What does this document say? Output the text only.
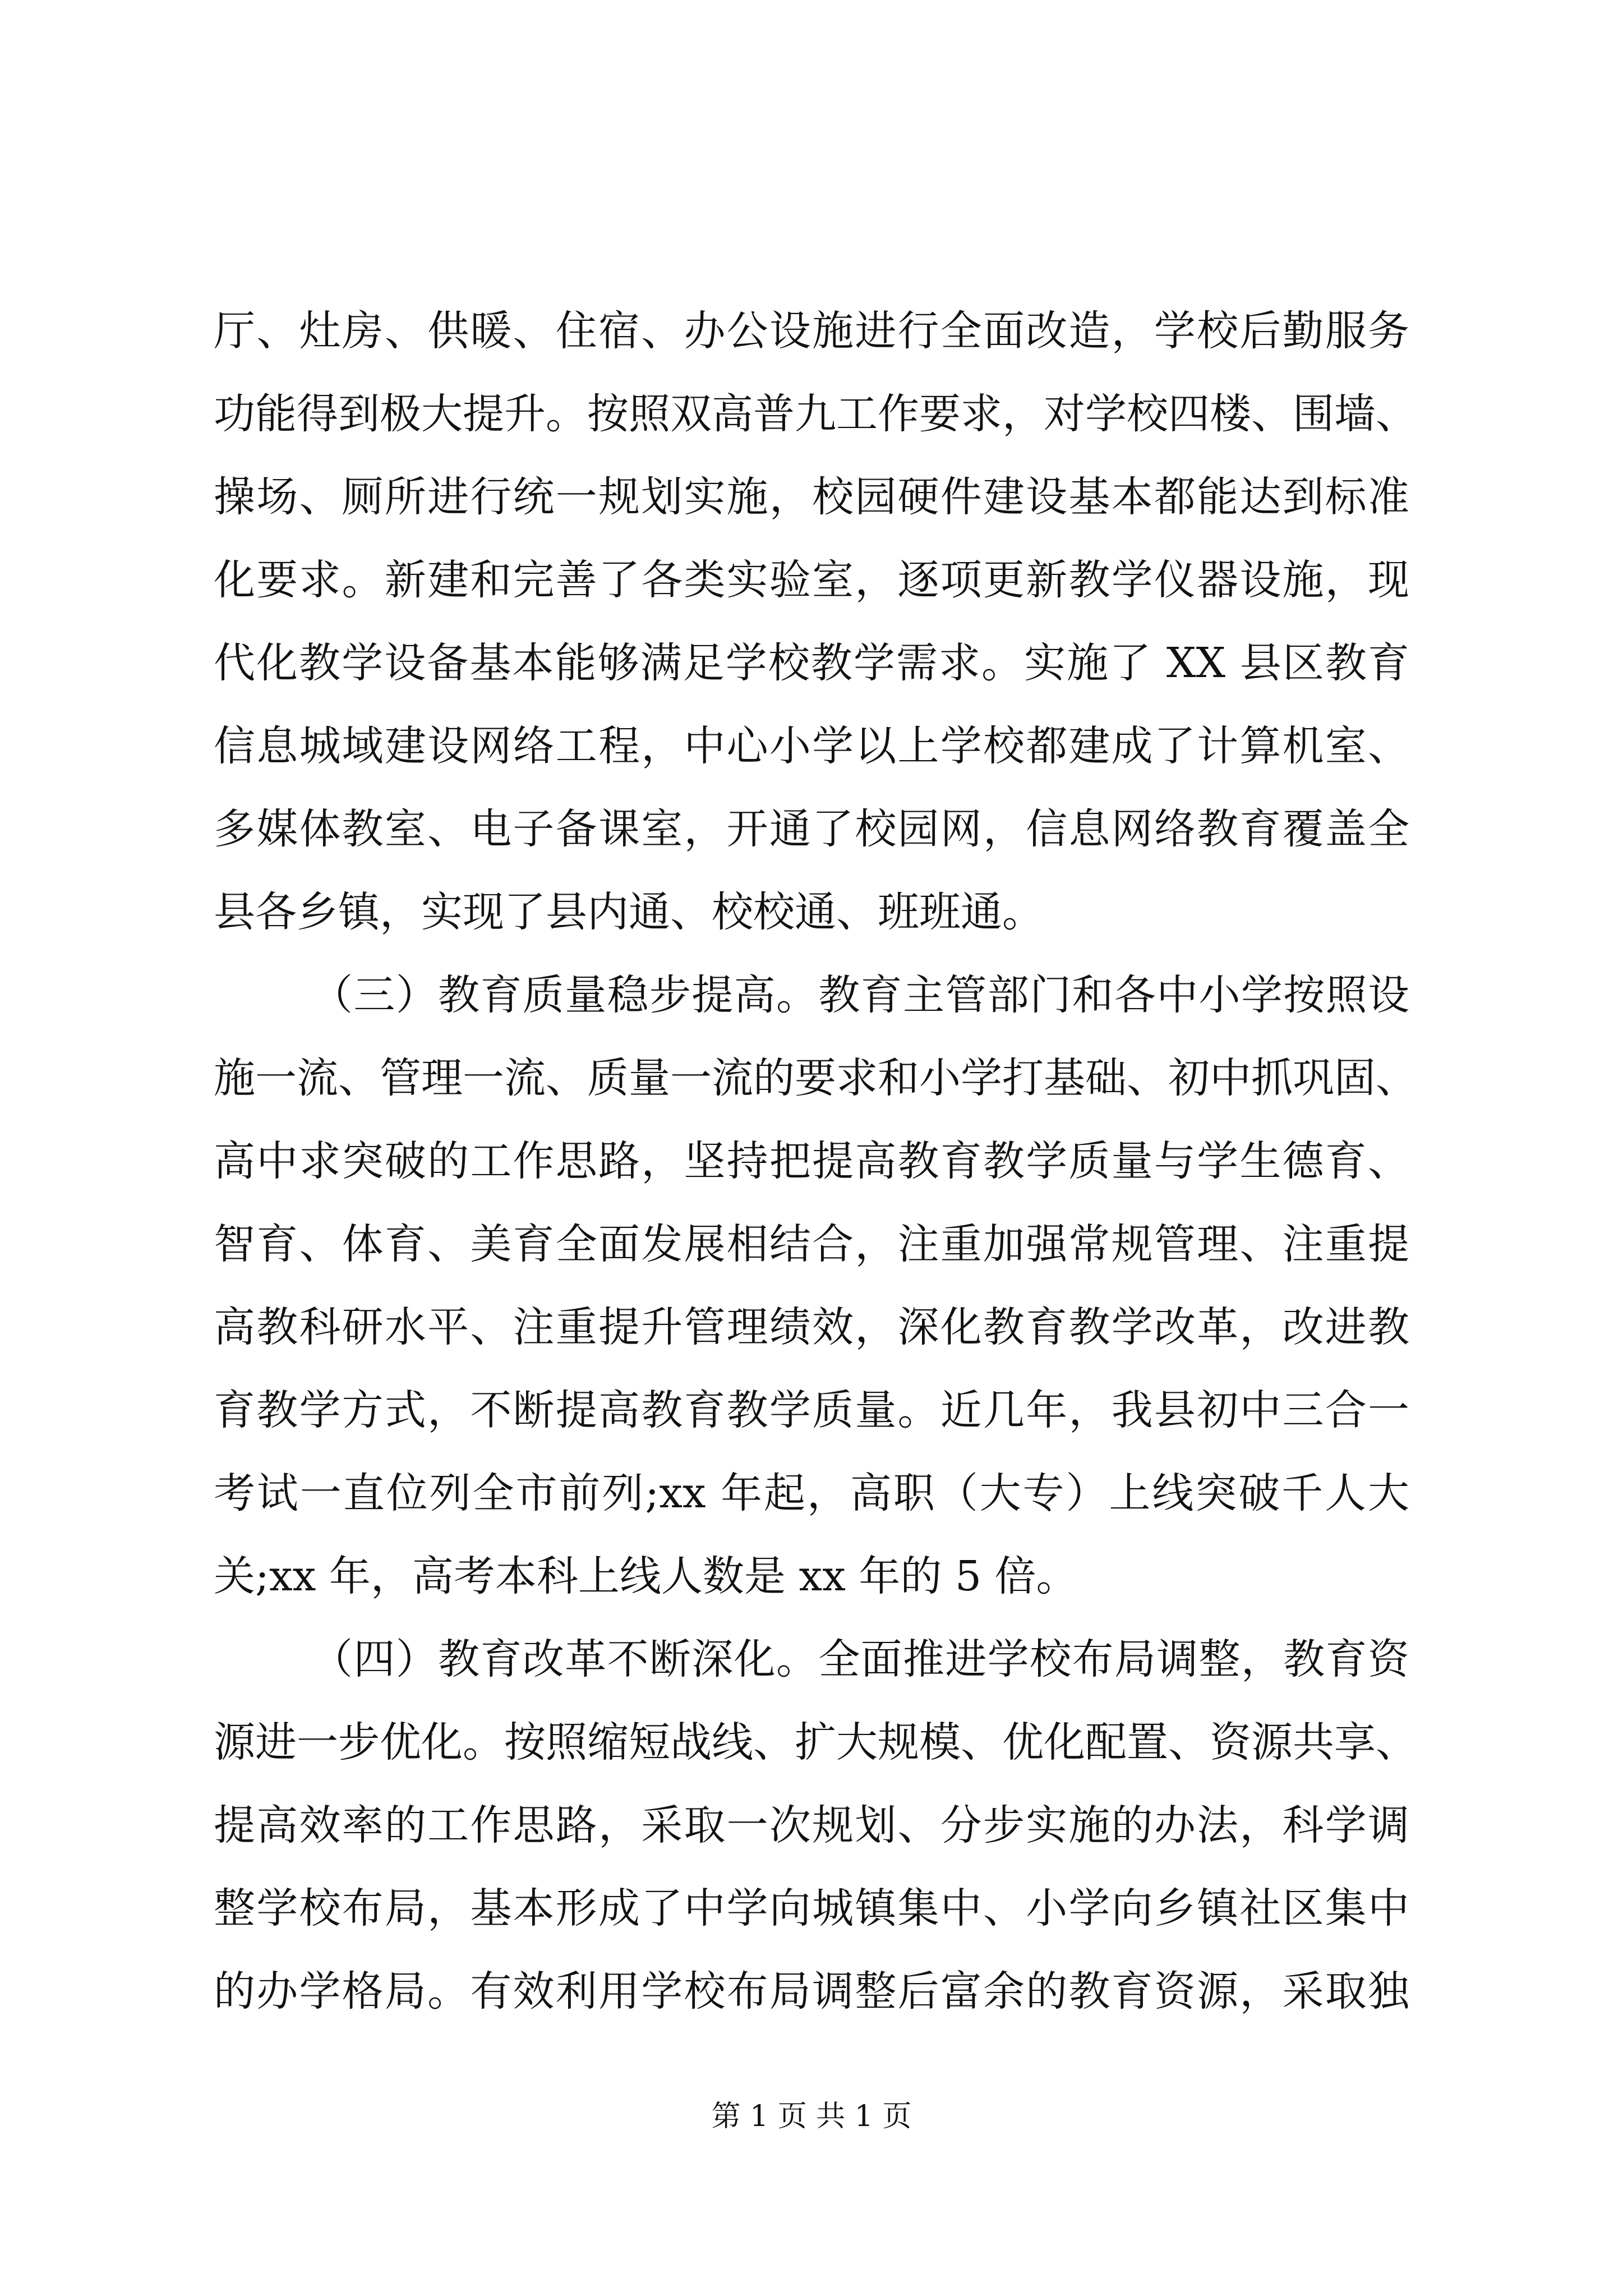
厅、灶房、供暖、住宿、办公设施进行全面改造，学校后勤服务
功能得到极大提升。按照双高普九工作要求，对学校四楼、围墙、
操场、厕所进行统一规划实施，校园硬件建设基本都能达到标准
化要求。新建和完善了各类实验室，逐项更新教学仪器设施，现
代化教学设备基本能够满足学校教学需求。实施了 XX 县区教育
信息城域建设网络工程，中心小学以上学校都建成了计算机室、
多媒体教室、电子备课室，开通了校园网，信息网络教育覆盖全
县各乡镇，实现了县内通、校校通、班班通。
（三）教育质量稳步提高。教育主管部门和各中小学按照设
施一流、管理一流、质量一流的要求和小学打基础、初中抓巩固、
高中求突破的工作思路，坚持把提高教育教学质量与学生德育、
智育、体育、美育全面发展相结合，注重加强常规管理、注重提
高教科研水平、注重提升管理绩效，深化教育教学改革，改进教
育教学方式，不断提高教育教学质量。近几年，我县初中三合一
考试一直位列全市前列;xx 年起，高职（大专）上线突破千人大
关;xx 年，高考本科上线人数是 xx 年的 5 倍。
（四）教育改革不断深化。全面推进学校布局调整，教育资
源进一步优化。按照缩短战线、扩大规模、优化配置、资源共享、
提高效率的工作思路，采取一次规划、分步实施的办法，科学调
整学校布局，基本形成了中学向城镇集中、小学向乡镇社区集中
的办学格局。有效利用学校布局调整后富余的教育资源，采取独
第 1 页 共 1 页
